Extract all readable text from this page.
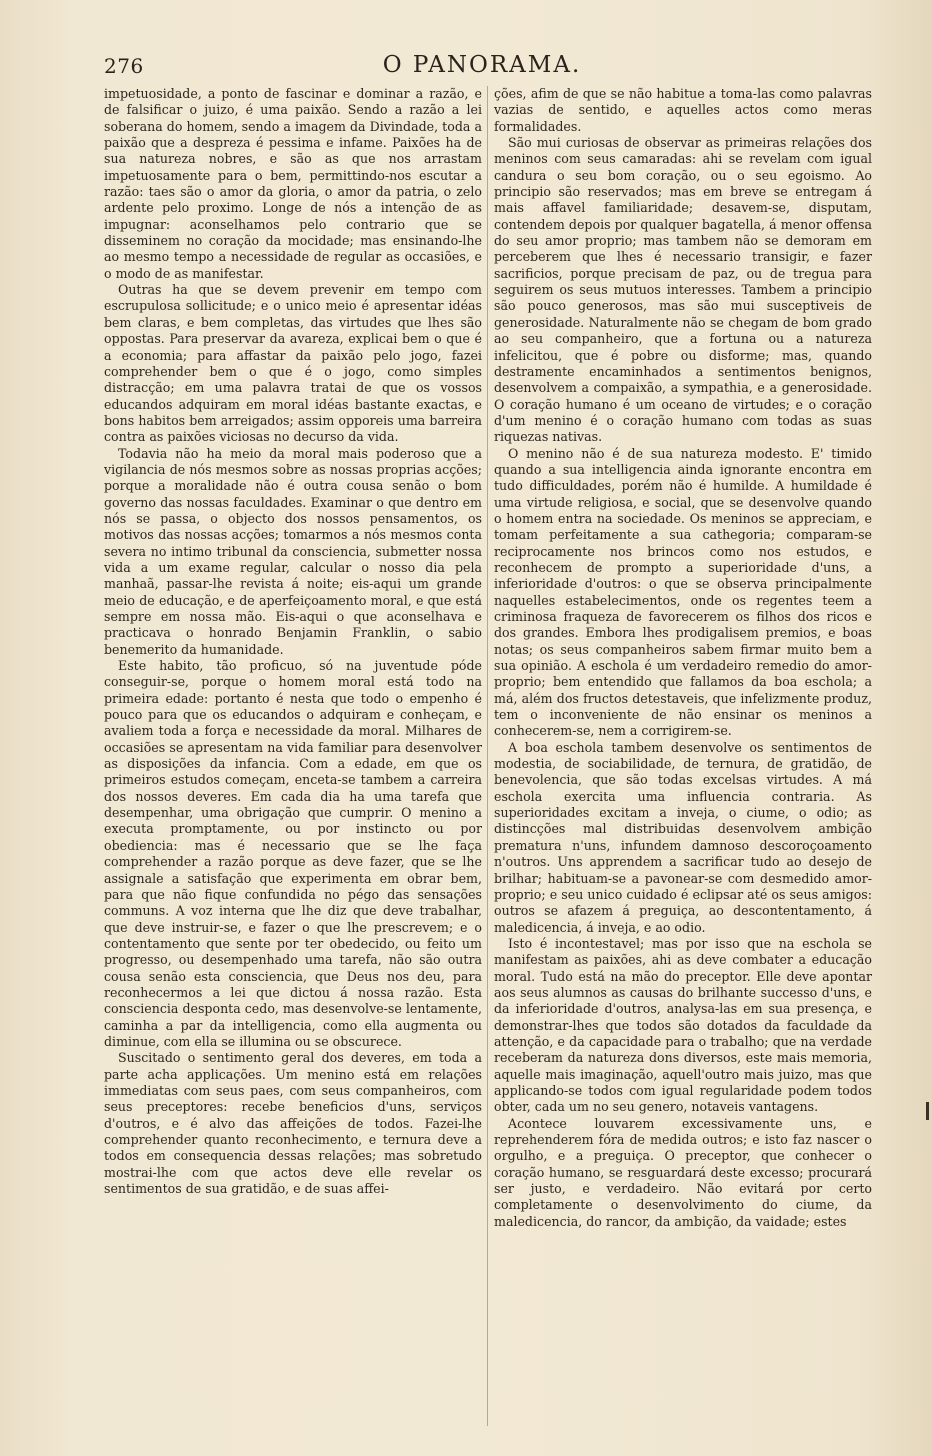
276	O PANORAMA.

impetuosidade, a ponto de fascinar e dominar a razão, e de falsificar o juizo, é uma paixão. Sendo a razão a lei soberana do homem, sendo a imagem da Divindade, toda a paixão que a despreza é pessima e infame. Paixões ha de sua natureza nobres, e são as que nos arrastam impetuosamente para o bem, permittindo-nos escutar a razão: taes são o amor da gloria, o amor da patria, o zelo ardente pelo proximo. Longe de nós a intenção de as impugnar: aconselhamos pelo contrario que se disseminem no coração da mocidade; mas ensinando-lhe ao mesmo tempo a necessidade de regular as occasiões, e o modo de as manifestar.

Outras ha que se devem prevenir em tempo com escrupulosa sollicitude; e o unico meio é apresentar idéas bem claras, e bem completas, das virtudes que lhes são oppostas. Para preservar da avareza, explicai bem o que é a economia; para affastar da paixão pelo jogo, fazei comprehender bem o que é o jogo, como simples distracção; em uma palavra tratai de que os vossos educandos adquiram em moral idéas bastante exactas, e bons habitos bem arreigados; assim opporeis uma barreira contra as paixões viciosas no decurso da vida.

Todavia não ha meio da moral mais poderoso que a vigilancia de nós mesmos sobre as nossas proprias acções; porque a moralidade não é outra cousa senão o bom governo das nossas faculdades. Examinar o que dentro em nós se passa, o objecto dos nossos pensamentos, os motivos das nossas acções; tomarmos a nós mesmos conta severa no intimo tribunal da consciencia, submetter nossa vida a um exame regular, calcular o nosso dia pela manhaã, passar-lhe revista á noite; eis-aqui um grande meio de educação, e de aperfeiçoamento moral, e que está sempre em nossa mão. Eis-aqui o que aconselhava e practicava o honrado Benjamin Franklin, o sabio benemerito da humanidade.

Este habito, tão proficuo, só na juventude póde conseguir-se, porque o homem moral está todo na primeira edade: portanto é nesta que todo o empenho é pouco para que os educandos o adquiram e conheçam, e avaliem toda a força e necessidade da moral. Milhares de occasiões se apresentam na vida familiar para desenvolver as disposições da infancia. Com a edade, em que os primeiros estudos começam, enceta-se tambem a carreira dos nossos deveres. Em cada dia ha uma tarefa que desempenhar, uma obrigação que cumprir. O menino a executa promptamente, ou por instincto ou por obediencia: mas é necessario que se lhe faça comprehender a razão porque as deve fazer, que se lhe assignale a satisfação que experimenta em obrar bem, para que não fique confundida no pégo das sensações communs. A voz interna que lhe diz que deve trabalhar, que deve instruir-se, e fazer o que lhe prescrevem; e o contentamento que sente por ter obedecido, ou feito um progresso, ou desempenhado uma tarefa, não são outra cousa senão esta consciencia, que Deus nos deu, para reconhecermos a lei que dictou á nossa razão. Esta consciencia desponta cedo, mas desenvolve-se lentamente, caminha a par da intelligencia, como ella augmenta ou diminue, com ella se illumina ou se obscurece.

Suscitado o sentimento geral dos deveres, em toda a parte acha applicações. Um menino está em relações immediatas com seus paes, com seus companheiros, com seus preceptores: recebe beneficios d'uns, serviços d'outros, e é alvo das affeições de todos. Fazei-lhe comprehender quanto reconhecimento, e ternura deve a todos em consequencia dessas relações; mas sobretudo mostrai-lhe com que actos deve elle revelar os sentimentos de sua gratidão, e de suas affei-

ções, afim de que se não habitue a toma-las como palavras vazias de sentido, e aquelles actos como meras formalidades.

São mui curiosas de observar as primeiras relações dos meninos com seus camaradas: ahi se revelam com igual candura o seu bom coração, ou o seu egoismo. Ao principio são reservados; mas em breve se entregam á mais affavel familiaridade; desavem-se, disputam, contendem depois por qualquer bagatella, á menor offensa do seu amor proprio; mas tambem não se demoram em perceberem que lhes é necessario transigir, e fazer sacrificios, porque precisam de paz, ou de tregua para seguirem os seus mutuos interesses. Tambem a principio são pouco generosos, mas são mui susceptiveis de generosidade. Naturalmente não se chegam de bom grado ao seu companheiro, que a fortuna ou a natureza infelicitou, que é pobre ou disforme; mas, quando destramente encaminhados a sentimentos benignos, desenvolvem a compaixão, a sympathia, e a generosidade. O coração humano é um oceano de virtudes; e o coração d'um menino é o coração humano com todas as suas riquezas nativas.

O menino não é de sua natureza modesto. E' timido quando a sua intelligencia ainda ignorante encontra em tudo difficuldades, porém não é humilde. A humildade é uma virtude religiosa, e social, que se desenvolve quando o homem entra na sociedade. Os meninos se appreciam, e tomam perfeitamente a sua cathegoria; comparam-se reciprocamente nos brincos como nos estudos, e reconhecem de prompto a superioridade d'uns, a inferioridade d'outros: o que se observa principalmente naquelles estabelecimentos, onde os regentes teem a criminosa fraqueza de favorecerem os filhos dos ricos e dos grandes. Embora lhes prodigalisem premios, e boas notas; os seus companheiros sabem firmar muito bem a sua opinião. A eschola é um verdadeiro remedio do amor-proprio; bem entendido que fallamos da boa eschola; a má, além dos fructos detestaveis, que infelizmente produz, tem o inconveniente de não ensinar os meninos a conhecerem-se, nem a corrigirem-se.

A boa eschola tambem desenvolve os sentimentos de modestia, de sociabilidade, de ternura, de gratidão, de benevolencia, que são todas excelsas virtudes. A má eschola exercita uma influencia contraria. As superioridades excitam a inveja, o ciume, o odio; as distincções mal distribuidas desenvolvem ambição prematura n'uns, infundem damnoso descoroçoamento n'outros. Uns apprendem a sacrificar tudo ao desejo de brilhar; habituam-se a pavonear-se com desmedido amor-proprio; e seu unico cuidado é eclipsar até os seus amigos: outros se afazem á preguiça, ao descontentamento, á maledicencia, á inveja, e ao odio.

Isto é incontestavel; mas por isso que na eschola se manifestam as paixões, ahi as deve combater a educação moral. Tudo está na mão do preceptor. Elle deve apontar aos seus alumnos as causas do brilhante successo d'uns, e da inferioridade d'outros, analysa-las em sua presença, e demonstrar-lhes que todos são dotados da faculdade da attenção, e da capacidade para o trabalho; que na verdade receberam da natureza dons diversos, este mais memoria, aquelle mais imaginação, aquell'outro mais juizo, mas que applicando-se todos com igual regularidade podem todos obter, cada um no seu genero, notaveis vantagens.

Acontece louvarem excessivamente uns, e reprehenderem fóra de medida outros; e isto faz nascer o orgulho, e a preguiça. O preceptor, que conhecer o coração humano, se resguardará deste excesso; procurará ser justo, e verdadeiro. Não evitará por certo completamente o desenvolvimento do ciume, da maledicencia, do rancor, da ambição, da vaidade; estes
